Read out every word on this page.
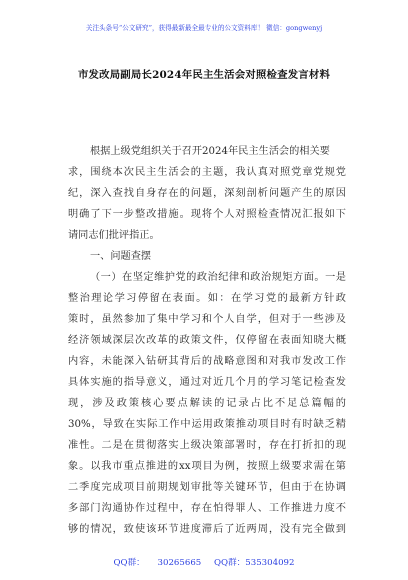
关注头条号“公文研究”，获得最新最全最专业的公文资料库！ 微信：gongwenyj
市发改局副局长2024年民主生活会对照检查发言材料
根据上级党组织关于召开2024年民主生活会的相关要
求，围绕本次民主生活会的主题，我认真对照党章党规党
纪，深入查找自身存在的问题，深刻剖析问题产生的原因
明确了下一步整改措施。现将个人对照检查情况汇报如下
请同志们批评指正。
一、问题查摆
（一）在坚定维护党的政治纪律和政治规矩方面。一是
整治理论学习停留在表面。如：在学习党的最新方针政
策时，虽然参加了集中学习和个人自学，但对于一些涉及
经济领域深层次改革的政策文件，仅停留在表面知晓大概
内容，未能深入钻研其背后的战略意图和对我市发改工作
具体实施的指导意义，通过对近几个月的学习笔记检查发
现，涉及政策核心要点解读的记录占比不足总篇幅的
30%，导致在实际工作中运用政策推动项目时有时缺乏精
准性。二是在贯彻落实上级决策部署时，存在打折扣的现
象。以我市重点推进的xx项目为例，按照上级要求需在第
二季度完成项目前期规划审批等关键环节，但由于在协调
多部门沟通协作过程中，存在怕得罪人、工作推进力度不
够的情况，致使该环节进度滞后了近两周，没有完全做到
QQ群： 30265665 QQ群：535304092
